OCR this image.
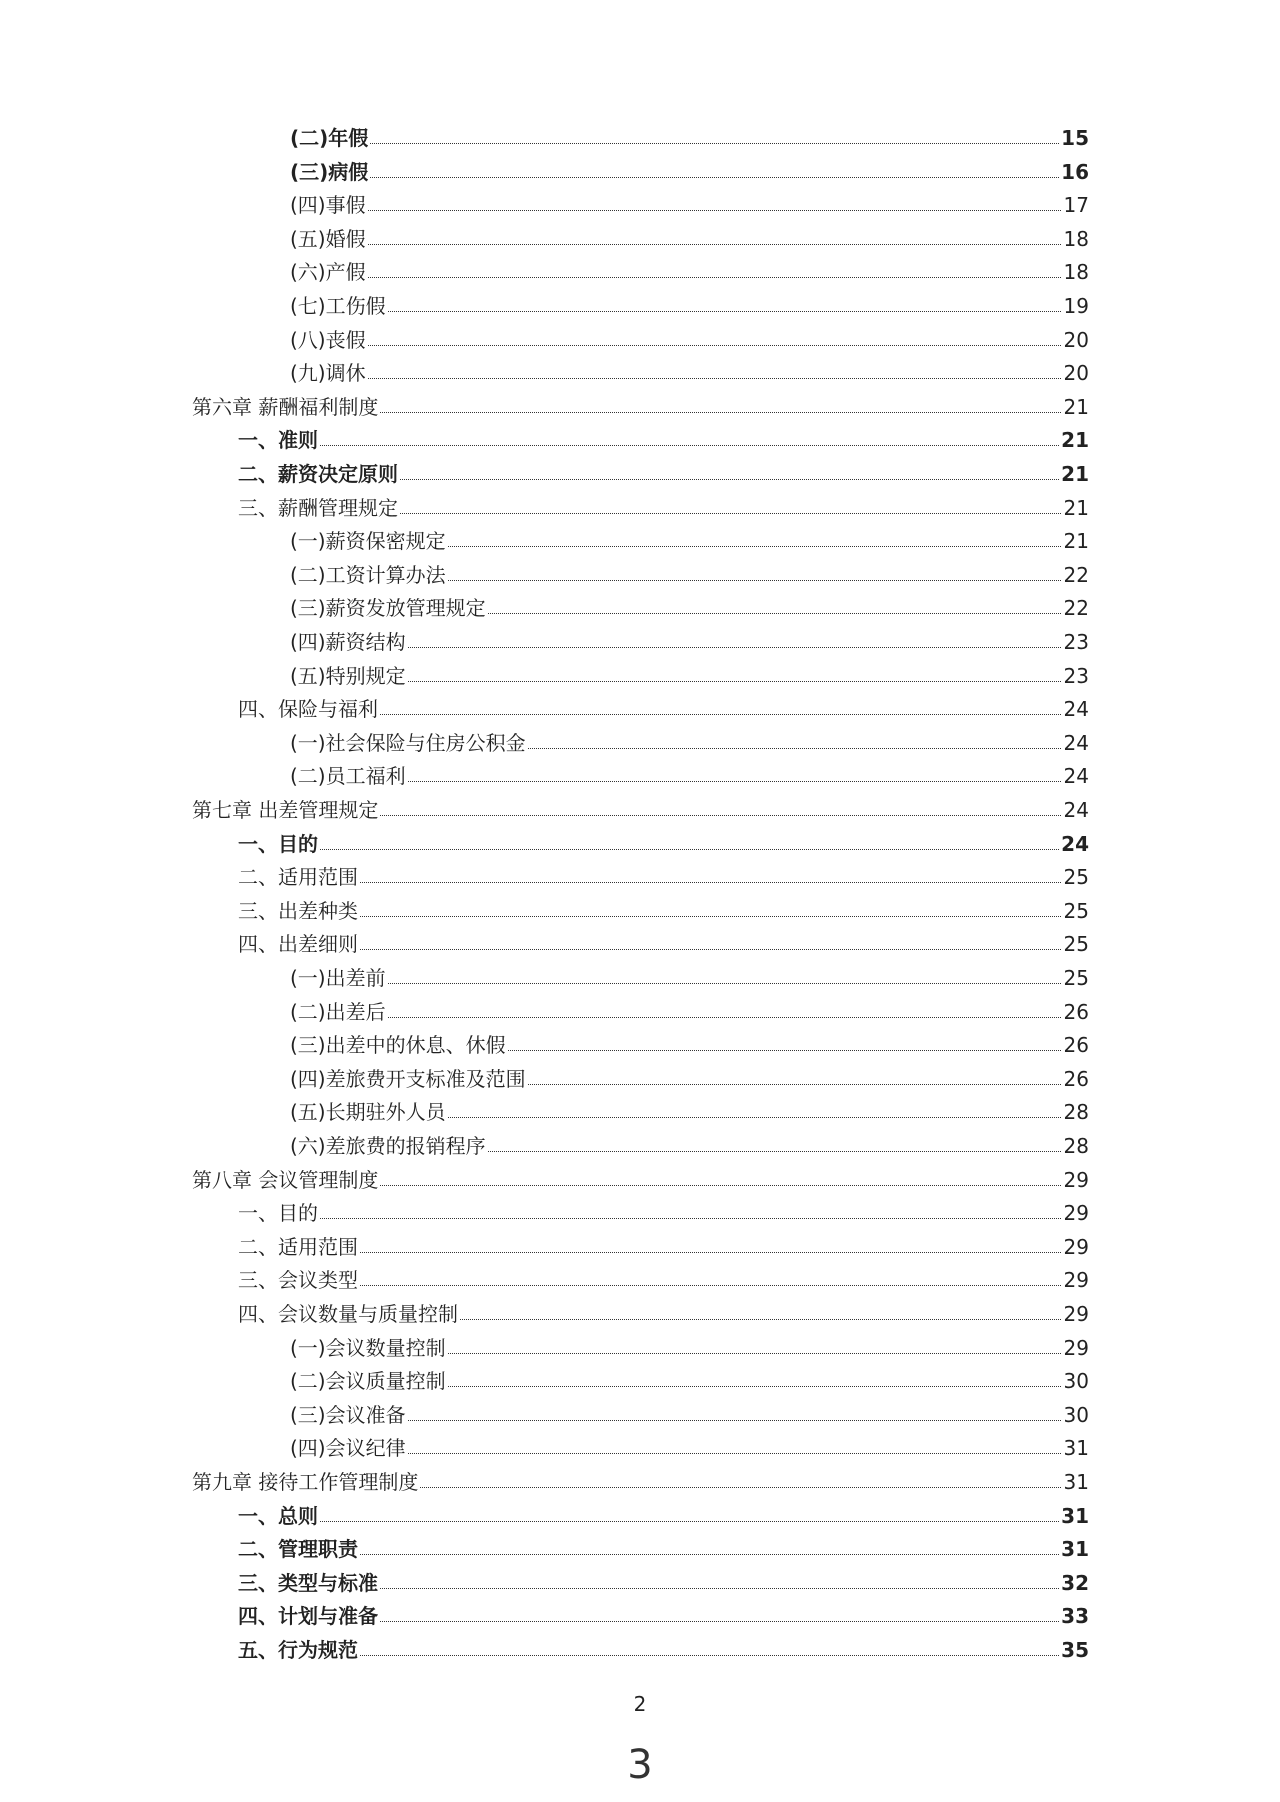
(二)年假	15
(三)病假	16
(四)事假	17
(五)婚假	18
(六)产假	18
(七)工伤假	19
(八)丧假	20
(九)调休	20
第六章 薪酬福利制度	21
一、准则	21
二、薪资决定原则	21
三、薪酬管理规定	21
(一)薪资保密规定	21
(二)工资计算办法	22
(三)薪资发放管理规定	22
(四)薪资结构	23
(五)特别规定	23
四、保险与福利	24
(一)社会保险与住房公积金	24
(二)员工福利	24
第七章 出差管理规定	24
一、目的	24
二、适用范围	25
三、出差种类	25
四、出差细则	25
(一)出差前	25
(二)出差后	26
(三)出差中的休息、休假	26
(四)差旅费开支标准及范围	26
(五)长期驻外人员	28
(六)差旅费的报销程序	28
第八章 会议管理制度	29
一、目的	29
二、适用范围	29
三、会议类型	29
四、会议数量与质量控制	29
(一)会议数量控制	29
(二)会议质量控制	30
(三)会议准备	30
(四)会议纪律	31
第九章 接待工作管理制度	31
一、总则	31
二、管理职责	31
三、类型与标准	32
四、计划与准备	33
五、行为规范	35
2
3
